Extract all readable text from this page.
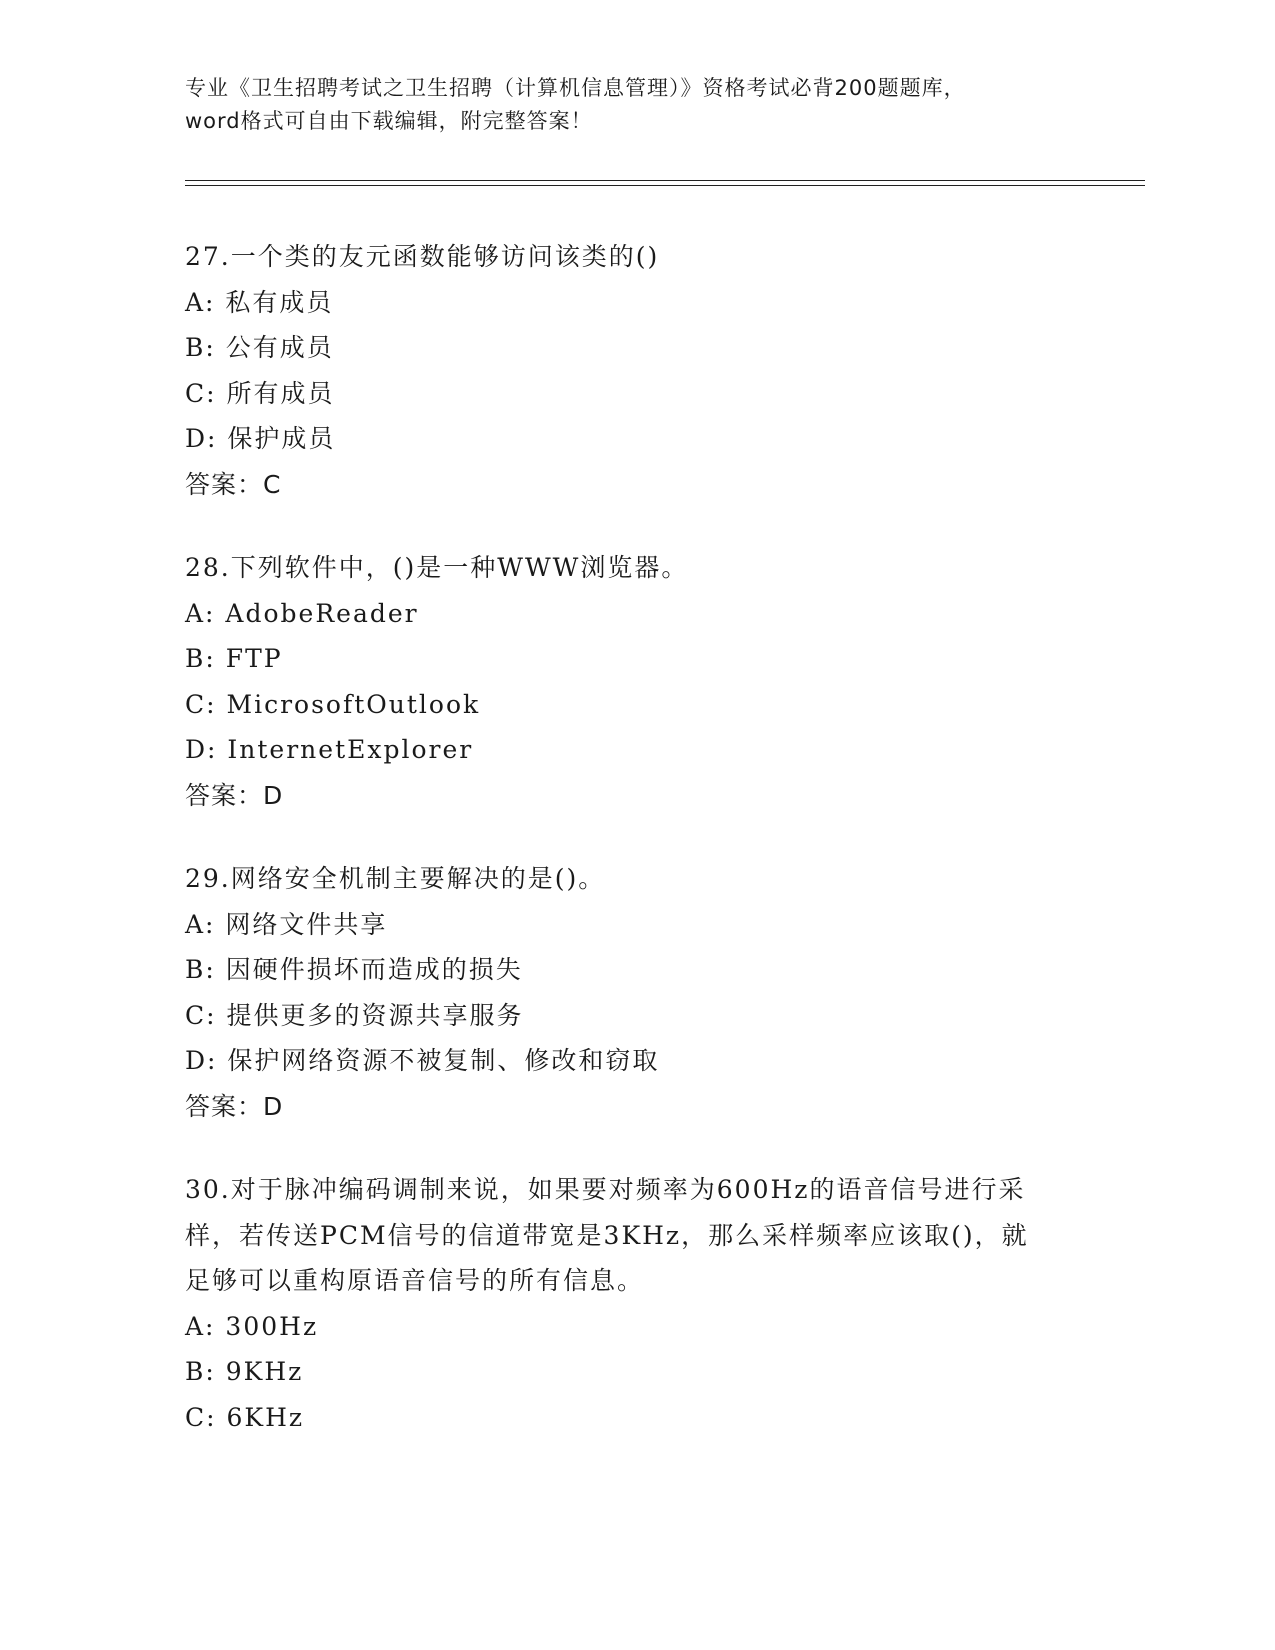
专业《卫生招聘考试之卫生招聘（计算机信息管理）》资格考试必背200题题库，
word格式可自由下载编辑，附完整答案！
27.一个类的友元函数能够访问该类的()
A: 私有成员
B: 公有成员
C: 所有成员
D: 保护成员
答案：C
28.下列软件中，()是一种WWW浏览器。
A: AdobeReader
B: FTP
C: MicrosoftOutlook
D: InternetExplorer
答案：D
29.网络安全机制主要解决的是()。
A: 网络文件共享
B: 因硬件损坏而造成的损失
C: 提供更多的资源共享服务
D: 保护网络资源不被复制、修改和窃取
答案：D
30.对于脉冲编码调制来说，如果要对频率为600Hz的语音信号进行采
样，若传送PCM信号的信道带宽是3KHz，那么采样频率应该取()，就
足够可以重构原语音信号的所有信息。
A: 300Hz
B: 9KHz
C: 6KHz
